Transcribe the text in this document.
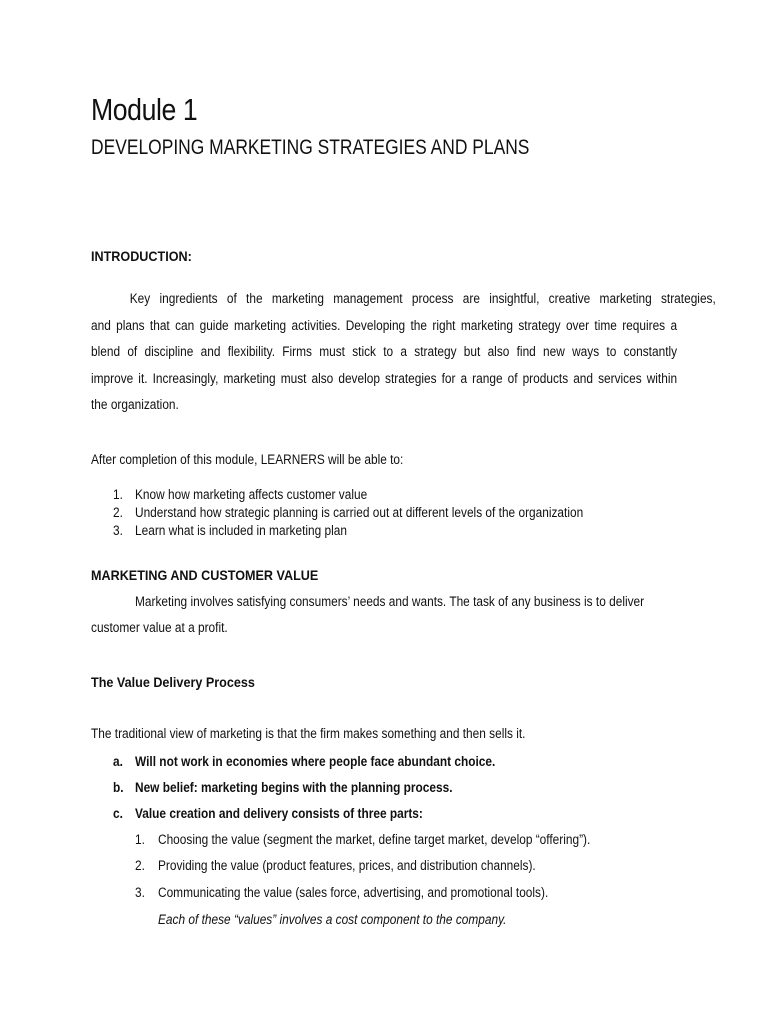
Module 1
DEVELOPING MARKETING STRATEGIES AND PLANS
INTRODUCTION:
Key ingredients of the marketing management process are insightful, creative marketing strategies,
and plans that can guide marketing activities. Developing the right marketing strategy over time requires a
blend of discipline and flexibility. Firms must stick to a strategy but also find new ways to constantly
improve it. Increasingly, marketing must also develop strategies for a range of products and services within
the organization.
After completion of this module, LEARNERS will be able to:
1. Know how marketing affects customer value
2. Understand how strategic planning is carried out at different levels of the organization
3. Learn what is included in marketing plan
MARKETING AND CUSTOMER VALUE
Marketing involves satisfying consumers’ needs and wants. The task of any business is to deliver
customer value at a profit.
The Value Delivery Process
The traditional view of marketing is that the firm makes something and then sells it.
a. Will not work in economies where people face abundant choice.
b. New belief: marketing begins with the planning process.
c. Value creation and delivery consists of three parts:
1. Choosing the value (segment the market, define target market, develop “offering”).
2. Providing the value (product features, prices, and distribution channels).
3. Communicating the value (sales force, advertising, and promotional tools).
Each of these “values” involves a cost component to the company.
